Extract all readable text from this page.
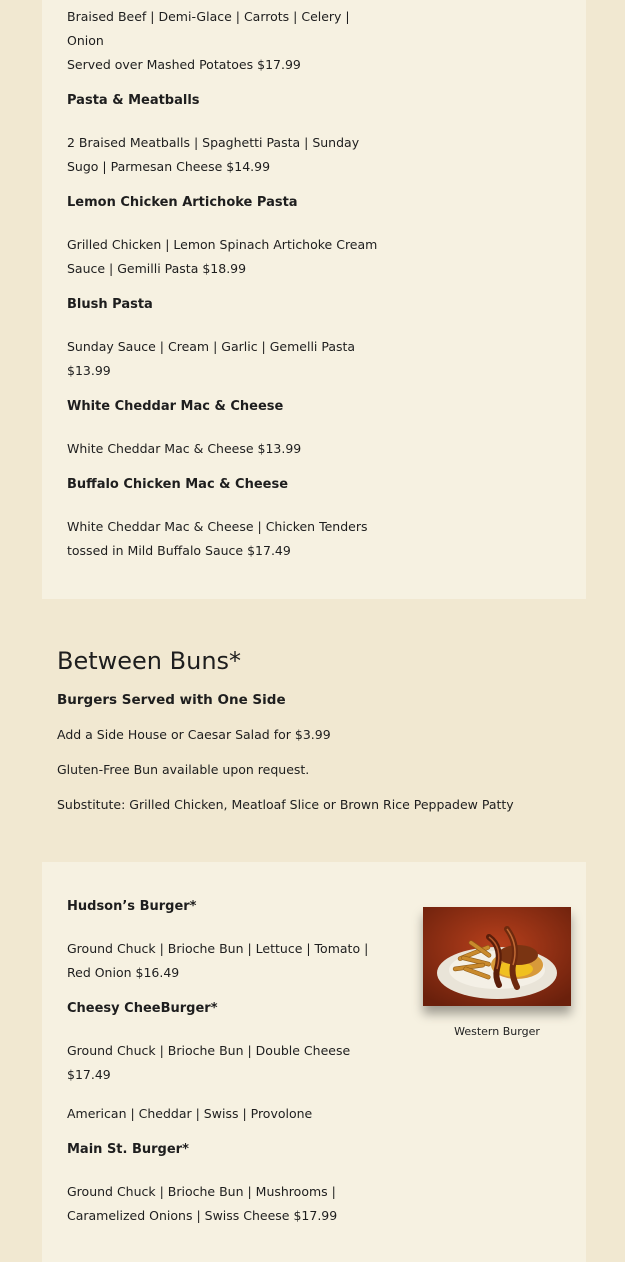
Braised Beef | Demi-Glace | Carrots | Celery |
Onion
Served over Mashed Potatoes $17.99
Pasta & Meatballs
2 Braised Meatballs | Spaghetti Pasta | Sunday
Sugo | Parmesan Cheese $14.99
Lemon Chicken Artichoke Pasta
Grilled Chicken | Lemon Spinach Artichoke Cream
Sauce | Gemilli Pasta $18.99
Blush Pasta
Sunday Sauce | Cream | Garlic | Gemelli Pasta
$13.99
White Cheddar Mac & Cheese
White Cheddar Mac & Cheese $13.99
Buffalo Chicken Mac & Cheese
White Cheddar Mac & Cheese | Chicken Tenders
tossed in Mild Buffalo Sauce $17.49
Between Buns*
Burgers Served with One Side
Add a Side House or Caesar Salad for $3.99
Gluten-Free Bun available upon request.
Substitute: Grilled Chicken, Meatloaf Slice or Brown Rice Peppadew Patty
Hudson’s Burger*
Ground Chuck | Brioche Bun | Lettuce | Tomato |
Red Onion $16.49
Cheesy CheeBurger*
Ground Chuck | Brioche Bun | Double Cheese
$17.49
American | Cheddar | Swiss | Provolone
Main St. Burger*
Ground Chuck | Brioche Bun | Mushrooms |
Caramelized Onions | Swiss Cheese $17.99
Western Burger
